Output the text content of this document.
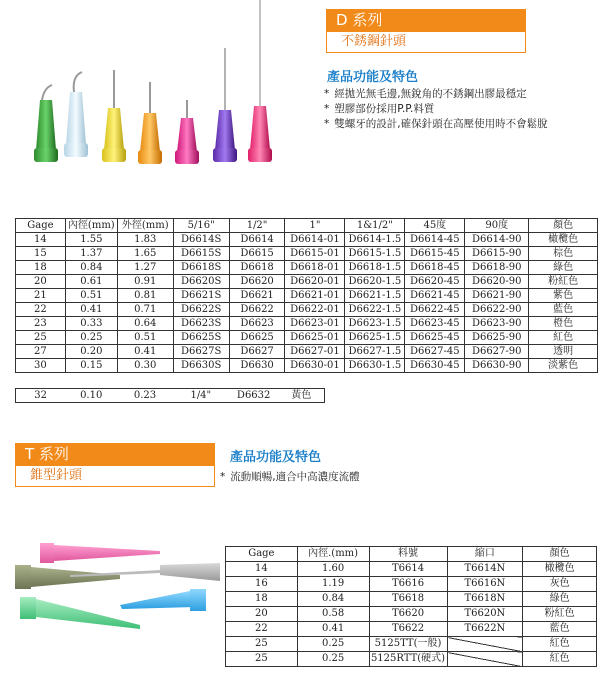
D 系列
不銹鋼針頭
產品功能及特色
* 經拋光無毛邊,無銳角的不銹鋼出膠最穩定
* 塑膠部份採用P.P.料質
* 雙螺牙的設計,確保針頭在高壓使用時不會鬆脫
Gage	內徑(mm)	外徑(mm)	5/16"	1/2"	1"	1&1/2"	45度	90度	顏色
14	1.55	1.83	D6614S	D6614	D6614-01	D6614-1.5	D6614-45	D6614-90	橄欖色
15	1.37	1.65	D6615S	D6615	D6615-01	D6615-1.5	D6615-45	D6615-90	棕色
18	0.84	1.27	D6618S	D6618	D6618-01	D6618-1.5	D6618-45	D6618-90	綠色
20	0.61	0.91	D6620S	D6620	D6620-01	D6620-1.5	D6620-45	D6620-90	粉紅色
21	0.51	0.81	D6621S	D6621	D6621-01	D6621-1.5	D6621-45	D6621-90	紫色
22	0.41	0.71	D6622S	D6622	D6622-01	D6622-1.5	D6622-45	D6622-90	藍色
23	0.33	0.64	D6623S	D6623	D6623-01	D6623-1.5	D6623-45	D6623-90	橙色
25	0.25	0.51	D6625S	D6625	D6625-01	D6625-1.5	D6625-45	D6625-90	紅色
27	0.20	0.41	D6627S	D6627	D6627-01	D6627-1.5	D6627-45	D6627-90	透明
30	0.15	0.30	D6630S	D6630	D6630-01	D6630-1.5	D6630-45	D6630-90	淡紫色
32	0.10	0.23	1/4"	D6632	黃色
T 系列
錐型針頭
產品功能及特色
* 流動順暢,適合中高濃度流體
Gage	內徑.(mm)	料號	縮口	顏色
14	1.60	T6614	T6614N	橄欖色
16	1.19	T6616	T6616N	灰色
18	0.84	T6618	T6618N	綠色
20	0.58	T6620	T6620N	粉紅色
22	0.41	T6622	T6622N	藍色
25	0.25	5125TT(一般)		紅色
25	0.25	5125RTT(硬式)		紅色
